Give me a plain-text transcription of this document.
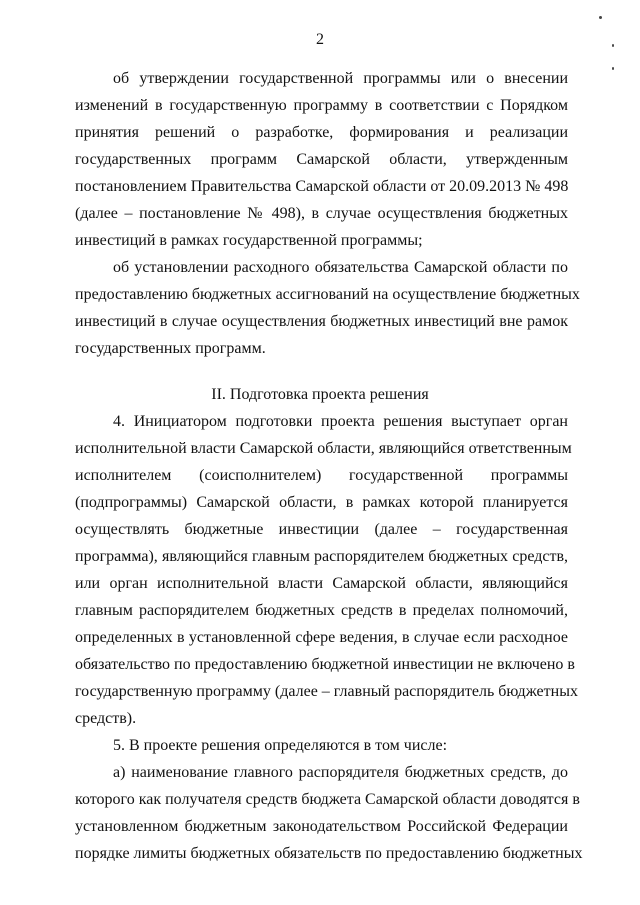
2
об утверждении государственной программы или о внесении
изменений в государственную программу в соответствии с Порядком
принятия решений о разработке, формирования и реализации
государственных программ Самарской области, утвержденным
постановлением Правительства Самарской области от 20.09.2013 № 498
(далее – постановление № 498), в случае осуществления бюджетных
инвестиций в рамках государственной программы;
об установлении расходного обязательства Самарской области по
предоставлению бюджетных ассигнований на осуществление бюджетных
инвестиций в случае осуществления бюджетных инвестиций вне рамок
государственных программ.
II. Подготовка проекта решения
4. Инициатором подготовки проекта решения выступает орган
исполнительной власти Самарской области, являющийся ответственным
исполнителем (соисполнителем) государственной программы
(подпрограммы) Самарской области, в рамках которой планируется
осуществлять бюджетные инвестиции (далее – государственная
программа), являющийся главным распорядителем бюджетных средств,
или орган исполнительной власти Самарской области, являющийся
главным распорядителем бюджетных средств в пределах полномочий,
определенных в установленной сфере ведения, в случае если расходное
обязательство по предоставлению бюджетной инвестиции не включено в
государственную программу (далее – главный распорядитель бюджетных
средств).
5. В проекте решения определяются в том числе:
а) наименование главного распорядителя бюджетных средств, до
которого как получателя средств бюджета Самарской области доводятся в
установленном бюджетным законодательством Российской Федерации
порядке лимиты бюджетных обязательств по предоставлению бюджетных
